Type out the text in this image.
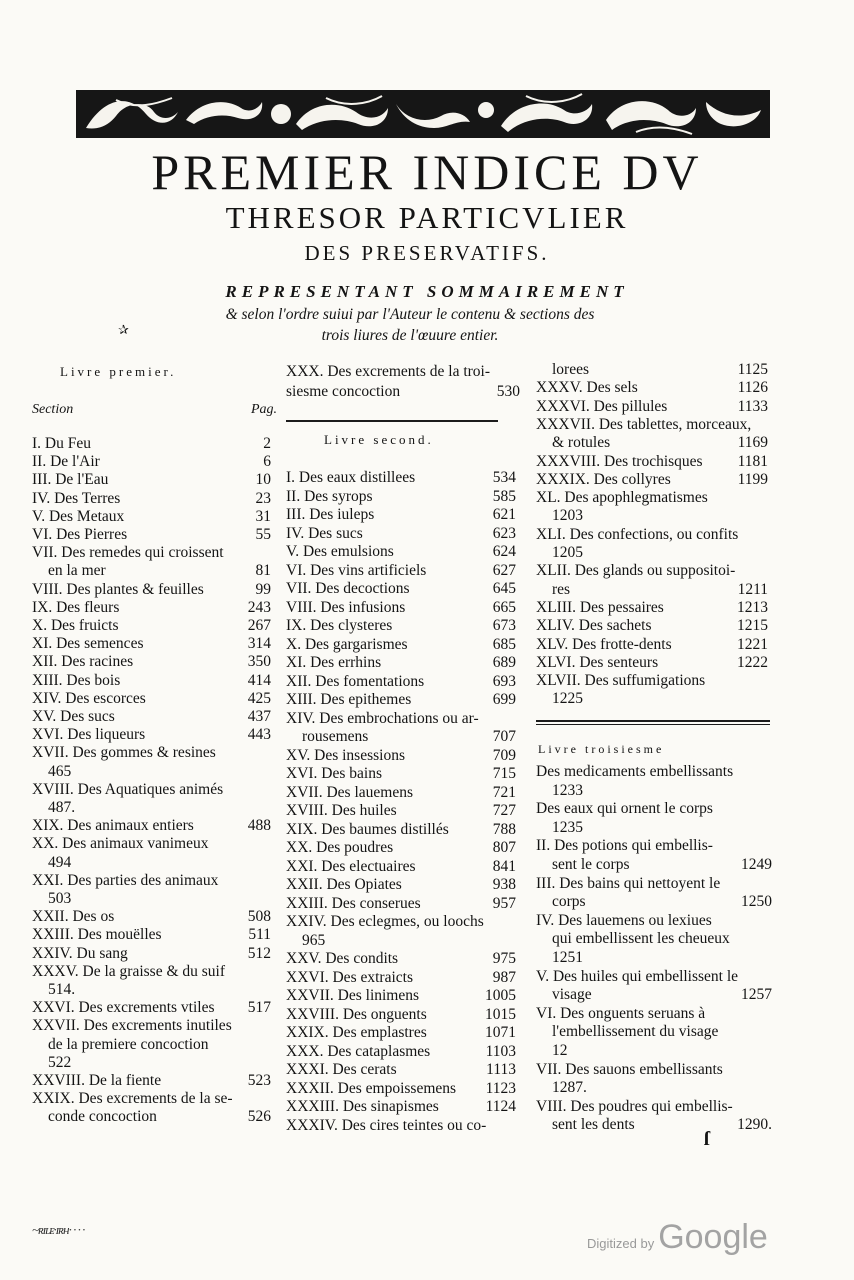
PREMIER INDICE DV
THRESOR PARTICVLIER
DES PRESERVATIFS.
REPRESENTANT SOMMAIREMENT
& selon l'ordre suiui par l'Auteur le contenu & sections des
trois liures de l'œuure entier.
✰
Livre premier.
Section	Pag.
I. Du Feu	2
II. De l'Air	6
III. De l'Eau	10
IV. Des Terres	23
V. Des Metaux	31
VI. Des Pierres	55
VII. Des remedes qui croissent
en la mer	81
VIII. Des plantes & feuilles	99
IX. Des fleurs	243
X. Des fruicts	267
XI. Des semences	314
XII. Des racines	350
XIII. Des bois	414
XIV. Des escorces	425
XV. Des sucs	437
XVI. Des liqueurs	443
XVII. Des gommes & resines
465
XVIII. Des Aquatiques animés
487.
XIX. Des animaux entiers	488
XX. Des animaux vanimeux
494
XXI. Des parties des animaux
503
XXII. Des os	508
XXIII. Des mouëlles	511
XXIV. Du sang	512
XXXV. De la graisse & du suif
514.
XXVI. Des excrements vtiles 517
XXVII. Des excrements inutiles
de la premiere concoction
522
XXVIII. De la fiente	523
XXIX. Des excrements de la se-
conde concoction	526
XXX. Des excrements de la troi-
siesme concoction	530
Livre second.
I. Des eaux distillees	534
II. Des syrops	585
III. Des iuleps	621
IV. Des sucs	623
V. Des emulsions	624
VI. Des vins artificiels	627
VII. Des decoctions	645
VIII. Des infusions	665
IX. Des clysteres	673
X. Des gargarismes	685
XI. Des errhins	689
XII. Des fomentations	693
XIII. Des epithemes	699
XIV. Des embrochations ou ar-
rousemens	707
XV. Des insessions	709
XVI. Des bains	715
XVII. Des lauemens	721
XVIII. Des huiles	727
XIX. Des baumes distillés	788
XX. Des poudres	807
XXI. Des electuaires	841
XXII. Des Opiates	938
XXIII. Des conserues	957
XXIV. Des eclegmes, ou loochs
965
XXV. Des condits	975
XXVI. Des extraicts	987
XXVII. Des linimens	1005
XXVIII. Des onguents	1015
XXIX. Des emplastres	1071
XXX. Des cataplasmes	1103
XXXI. Des cerats	1113
XXXII. Des empoissemens 1123
XXXIII. Des sinapismes	1124
XXXIV. Des cires teintes ou co-
lorees	1125
XXXV. Des sels	1126
XXXVI. Des pillules	1133
XXXVII. Des tablettes, morceaux,
& rotules	1169
XXXVIII. Des trochisques 1181
XXXIX. Des collyres	1199
XL. Des apophlegmatismes
1203
XLI. Des confections, ou confits
1205
XLII. Des glands ou suppositoi-
res	1211
XLIII. Des pessaires	1213
XLIV. Des sachets	1215
XLV. Des frotte-dents	1221
XLVI. Des senteurs	1222
XLVII. Des suffumigations
1225
Livre troisiesme
Des medicaments embellissants
1233
Des eaux qui ornent le corps
1235
II. Des potions qui embellis-
sent le corps	1249
III. Des bains qui nettoyent le
corps	1250
IV. Des lauemens ou lexiues
qui embellissent les cheueux
1251
V. Des huiles qui embellissent le
visage	1257
VI. Des onguents seruans à
l'embellissement du visage
12
VII. Des sauons embellissants
1287.
VIII. Des poudres qui embellis-
sent les dents	1290.
ſ
~ʀɪʟᴇ·ɪʀʜ· · · ·
Digitized by Google
